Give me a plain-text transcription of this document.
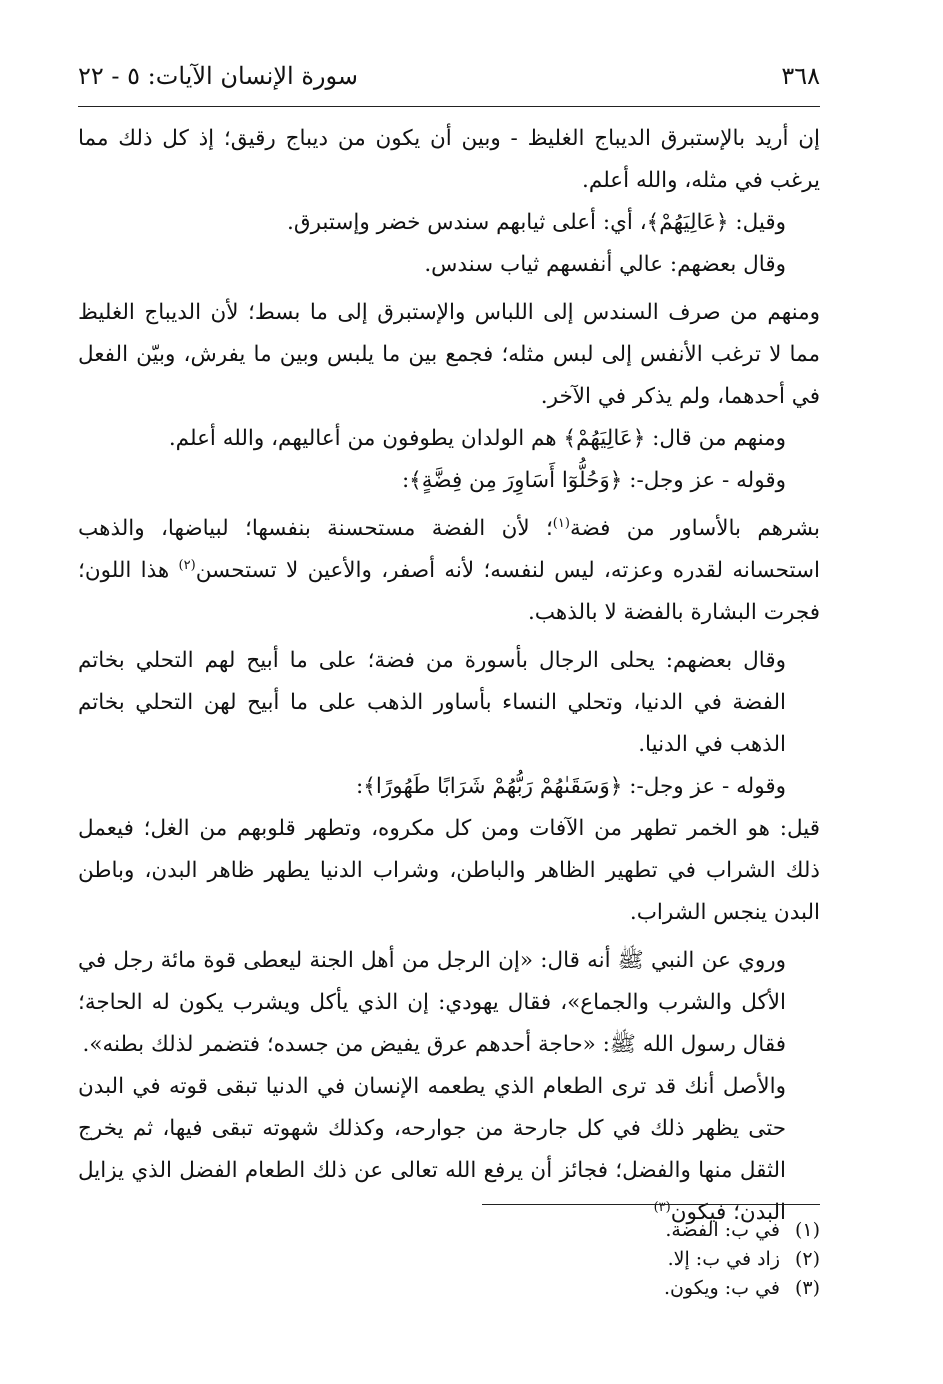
٣٦٨
سورة الإنسان الآيات: ٥ - ٢٢

إن أريد بالإستبرق الديباج الغليظ - وبين أن يكون من ديباج رقيق؛ إذ كل ذلك مما يرغب في مثله، والله أعلم.

وقيل: ﴿عَالِيَهُمْ﴾، أي: أعلى ثيابهم سندس خضر وإستبرق.

وقال بعضهم: عالي أنفسهم ثياب سندس.

ومنهم من صرف السندس إلى اللباس والإستبرق إلى ما بسط؛ لأن الديباج الغليظ مما لا ترغب الأنفس إلى لبس مثله؛ فجمع بين ما يلبس وبين ما يفرش، وبيّن الفعل في أحدهما، ولم يذكر في الآخر.

ومنهم من قال: ﴿عَالِيَهُمْ﴾ هم الولدان يطوفون من أعاليهم، والله أعلم.

وقوله - عز وجل-: ﴿وَحُلُّوٓا أَسَاوِرَ مِن فِضَّةٍ﴾:

بشرهم بالأساور من فضة$^{(١)}$؛ لأن الفضة مستحسنة بنفسها؛ لبياضها، والذهب استحسانه لقدره وعزته، ليس لنفسه؛ لأنه أصفر، والأعين لا تستحسن$^{(٢)}$ هذا اللون؛ فجرت البشارة بالفضة لا بالذهب.

وقال بعضهم: يحلى الرجال بأسورة من فضة؛ على ما أبيح لهم التحلي بخاتم الفضة في الدنيا، وتحلي النساء بأساور الذهب على ما أبيح لهن التحلي بخاتم الذهب في الدنيا.

وقوله - عز وجل-: ﴿وَسَقَىٰهُمْ رَبُّهُمْ شَرَابًا طَهُورًا﴾:

قيل: هو الخمر تطهر من الآفات ومن كل مكروه، وتطهر قلوبهم من الغل؛ فيعمل ذلك الشراب في تطهير الظاهر والباطن، وشراب الدنيا يطهر ظاهر البدن، وباطن البدن ينجس الشراب.

وروي عن النبي ﷺ أنه قال: «إن الرجل من أهل الجنة ليعطى قوة مائة رجل في الأكل والشرب والجماع»، فقال يهودي: إن الذي يأكل ويشرب يكون له الحاجة؛ فقال رسول الله ﷺ: «حاجة أحدهم عرق يفيض من جسده؛ فتضمر لذلك بطنه».

والأصل أنك قد ترى الطعام الذي يطعمه الإنسان في الدنيا تبقى قوته في البدن حتى يظهر ذلك في كل جارحة من جوارحه، وكذلك شهوته تبقى فيها، ثم يخرج الثقل منها والفضل؛ فجائز أن يرفع الله تعالى عن ذلك الطعام الفضل الذي يزايل البدن؛ فيكون$^{(٣)}$

(١)في ب: الفضة.
(٢)زاد في ب: إلا.
(٣)في ب: ويكون.
